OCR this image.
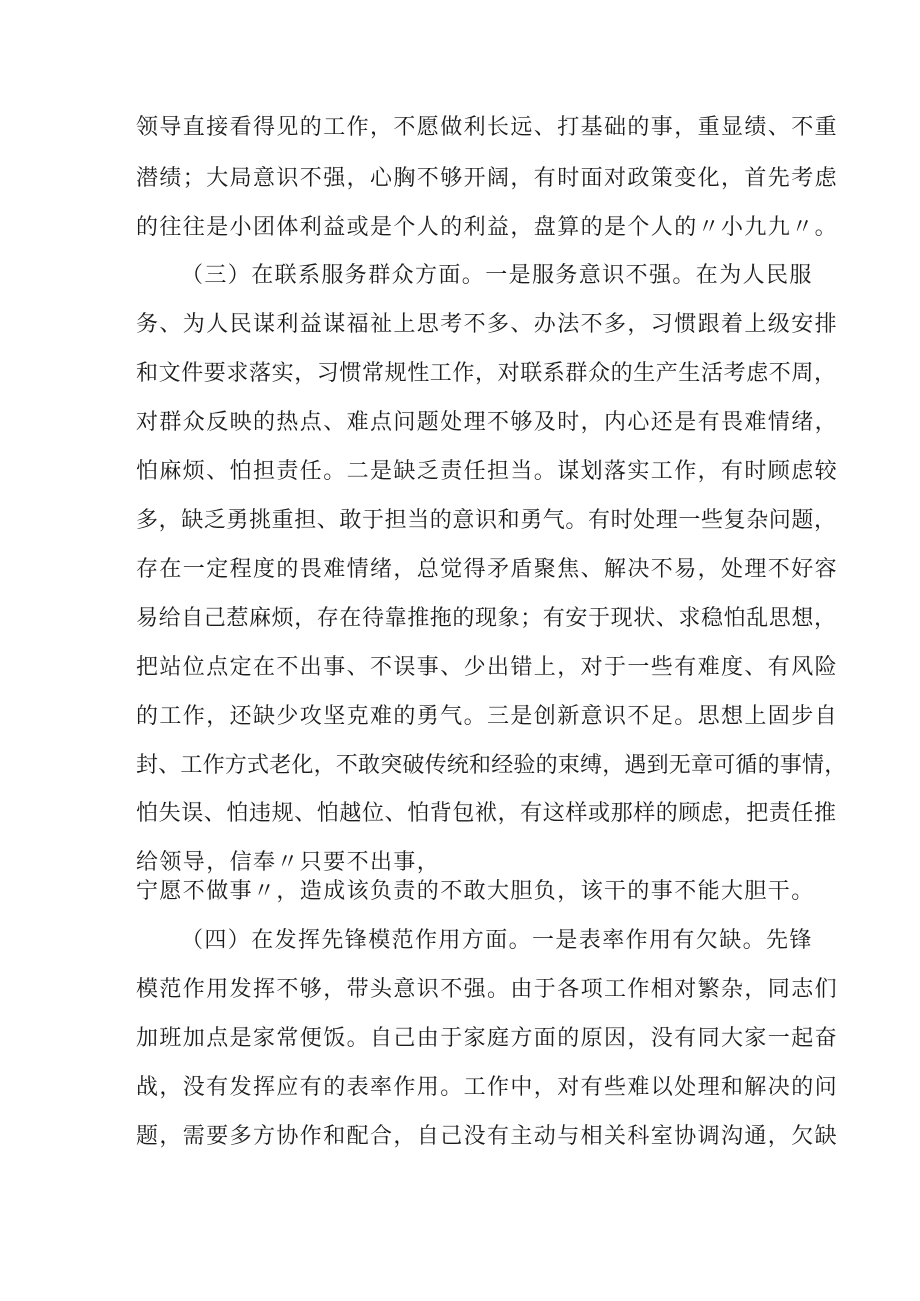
领导直接看得见的工作，不愿做利长远、打基础的事，重显绩、不重
潜绩；大局意识不强，心胸不够开阔，有时面对政策变化，首先考虑
的往往是小团体利益或是个人的利益，盘算的是个人的〃小九九〃。
（三）在联系服务群众方面。一是服务意识不强。在为人民服
务、为人民谋利益谋福祉上思考不多、办法不多，习惯跟着上级安排
和文件要求落实，习惯常规性工作，对联系群众的生产生活考虑不周，
对群众反映的热点、难点问题处理不够及时，内心还是有畏难情绪，
怕麻烦、怕担责任。二是缺乏责任担当。谋划落实工作，有时顾虑较
多，缺乏勇挑重担、敢于担当的意识和勇气。有时处理一些复杂问题，
存在一定程度的畏难情绪，总觉得矛盾聚焦、解决不易，处理不好容
易给自己惹麻烦，存在待靠推拖的现象；有安于现状、求稳怕乱思想，
把站位点定在不出事、不误事、少出错上，对于一些有难度、有风险
的工作，还缺少攻坚克难的勇气。三是创新意识不足。思想上固步自
封、工作方式老化，不敢突破传统和经验的束缚，遇到无章可循的事情，
怕失误、怕违规、怕越位、怕背包袱，有这样或那样的顾虑，把责任推
给领导，信奉〃只要不出事，
宁愿不做事〃，造成该负责的不敢大胆负，该干的事不能大胆干。
（四）在发挥先锋模范作用方面。一是表率作用有欠缺。先锋
模范作用发挥不够，带头意识不强。由于各项工作相对繁杂，同志们
加班加点是家常便饭。自己由于家庭方面的原因，没有同大家一起奋
战，没有发挥应有的表率作用。工作中，对有些难以处理和解决的问
题，需要多方协作和配合，自己没有主动与相关科室协调沟通，欠缺
